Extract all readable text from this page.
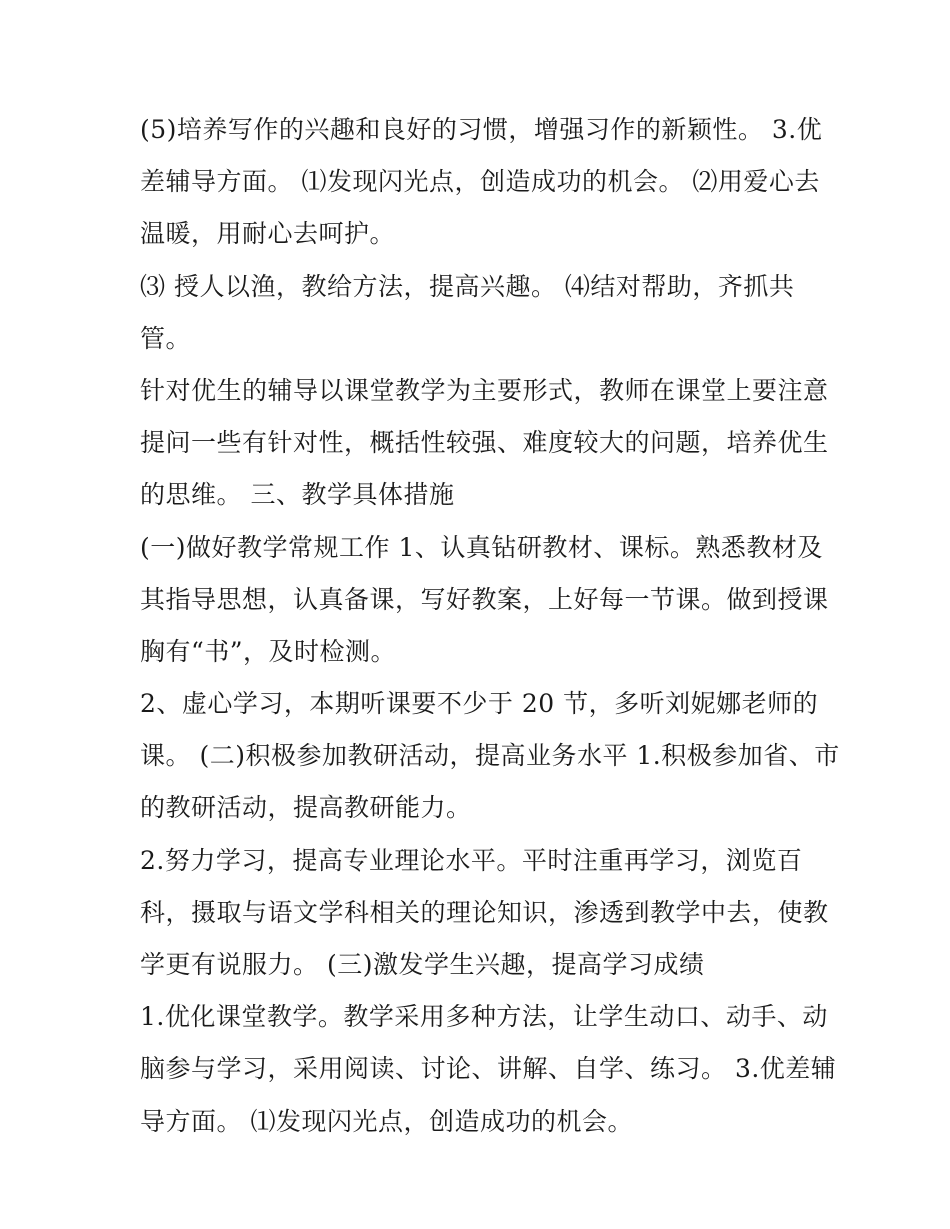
(5)培养写作的兴趣和良好的习惯，增强习作的新颖性。 3.优
差辅导方面。 ⑴发现闪光点，创造成功的机会。 ⑵用爱心去
温暖，用耐心去呵护。
⑶ 授人以渔，教给方法，提高兴趣。 ⑷结对帮助，齐抓共
管。
针对优生的辅导以课堂教学为主要形式，教师在课堂上要注意
提问一些有针对性，概括性较强、难度较大的问题，培养优生
的思维。 三、教学具体措施
(一)做好教学常规工作 1、认真钻研教材、课标。熟悉教材及
其指导思想，认真备课，写好教案，上好每一节课。做到授课
胸有“书”，及时检测。
2、虚心学习，本期听课要不少于 20 节，多听刘妮娜老师的
课。 (二)积极参加教研活动，提高业务水平 1.积极参加省、市
的教研活动，提高教研能力。
2.努力学习，提高专业理论水平。平时注重再学习，浏览百
科，摄取与语文学科相关的理论知识，渗透到教学中去，使教
学更有说服力。 (三)激发学生兴趣，提高学习成绩
1.优化课堂教学。教学采用多种方法，让学生动口、动手、动
脑参与学习，采用阅读、讨论、讲解、自学、练习。 3.优差辅
导方面。 ⑴发现闪光点，创造成功的机会。
